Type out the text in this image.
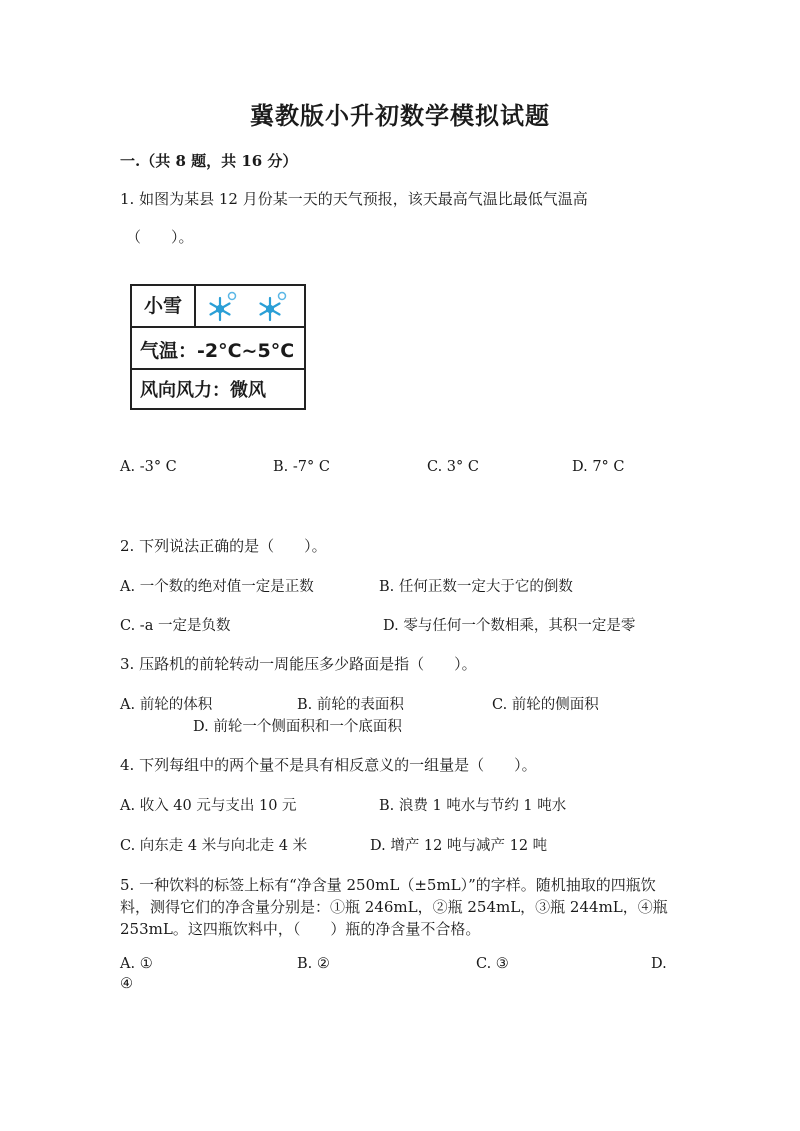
冀教版小升初数学模拟试题
一.（共 8 题，共 16 分）
1. 如图为某县 12 月份某一天的天气预报，该天最高气温比最低气温高
（　　）。
小雪
气温：-2°C~5°C
风向风力：微风
A. -3° C	B. -7° C	C. 3° C	D. 7° C
2. 下列说法正确的是（　　）。
A. 一个数的绝对值一定是正数	B. 任何正数一定大于它的倒数
C. -a 一定是负数	D. 零与任何一个数相乘，其积一定是零
3. 压路机的前轮转动一周能压多少路面是指（　　）。
A. 前轮的体积	B. 前轮的表面积	C. 前轮的侧面积
D. 前轮一个侧面积和一个底面积
4. 下列每组中的两个量不是具有相反意义的一组量是（　　）。
A. 收入 40 元与支出 10 元	B. 浪费 1 吨水与节约 1 吨水
C. 向东走 4 米与向北走 4 米	D. 增产 12 吨与减产 12 吨
5. 一种饮料的标签上标有“净含量 250mL（±5mL）”的字样。随机抽取的四瓶饮
料，测得它们的净含量分别是：①瓶 246mL，②瓶 254mL，③瓶 244mL，④瓶
253mL。这四瓶饮料中，（　　）瓶的净含量不合格。
A. ①	B. ②	C. ③	D.
④
